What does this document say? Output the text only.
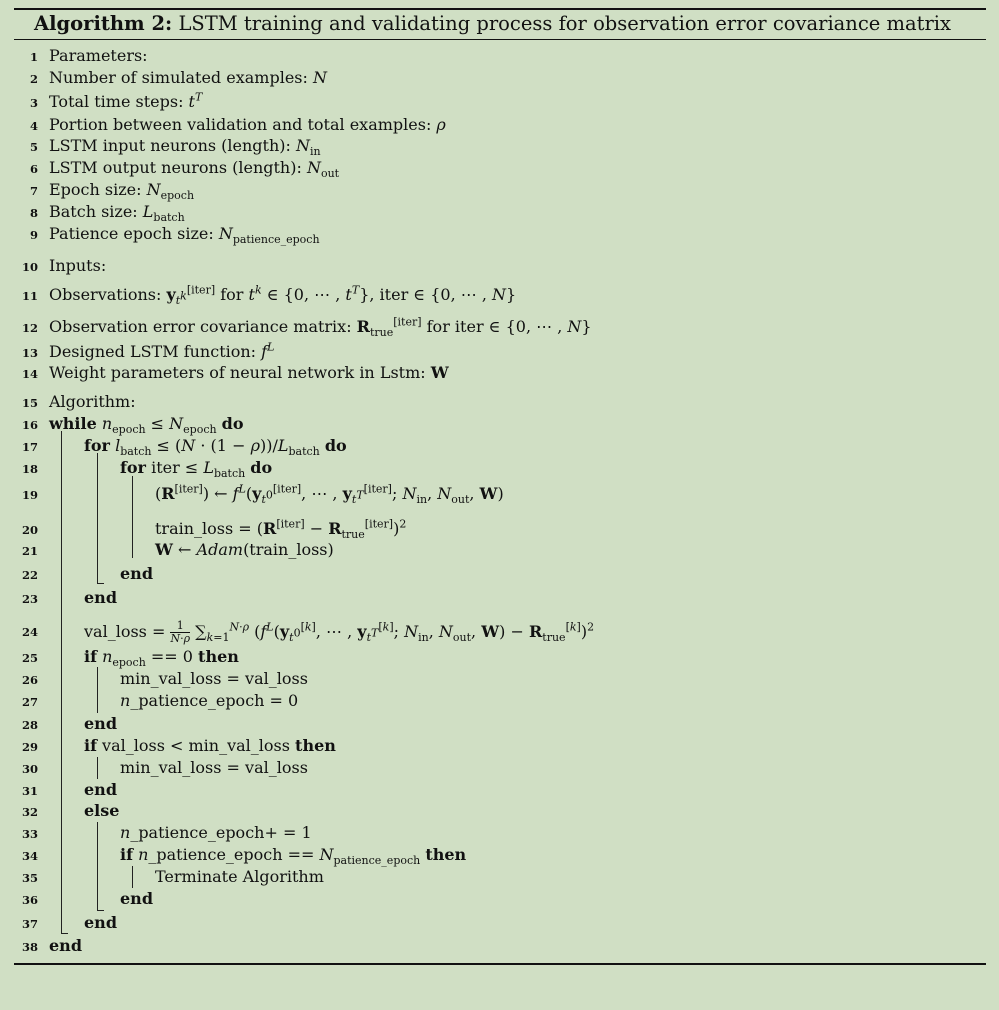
Algorithm 2: LSTM training and validating process for observation error covariance matrix
1 Parameters:
2 Number of simulated examples: N
3 Total time steps: $t^T$
4 Portion between validation and total examples: ρ
5 LSTM input neurons (length): $N_{in}$
6 LSTM output neurons (length): $N_{out}$
7 Epoch size: $N_{epoch}$
8 Batch size: $L_{batch}$
9 Patience epoch size: $N_{patience\_epoch}$
10 Inputs:
11 Observations: $y_{t^k}[iter]$ for $t^k$ ∈ {0, ⋯ , $t^T$}, iter ∈ {0, ⋯ , N}
12 Observation error covariance matrix: $R_{true}[iter]$ for iter ∈ {0, ⋯ , N}
13 Designed LSTM function: $f^L$
14 Weight parameters of neural network in Lstm: W
15 Algorithm:
16 while $n_{epoch} \le N_{epoch}$ do
17	for $l_{batch} \le (N \cdot (1 - \rho))/L_{batch}$ do
18	for iter ≤ $L_{batch}$ do
19	(R[iter]) ← $f^L(y_{t^0}[iter]$, ⋯ , $y_{t^T}[iter]$; $N_{in}$, $N_{out}$, W)
20	train_loss = $(R[iter] - R_{true}[iter])^2$
21	W ← Adam(train_loss)
22	end
23	end
24	val_loss = $\frac{1}{N\cdot\rho} \sum_{k=1}^{N\cdot\rho}$ ($f^L(y_{t^0}[k]$, ⋯ , $y_{t^T}[k]$; $N_{in}$, $N_{out}$, $W) - R_{true}[k])^2$
25	if $n_{epoch} == 0$ then
26	min_val_loss = val_loss
27	n_patience_epoch = 0
28	end
29	if val_loss < min_val_loss then
30	min_val_loss = val_loss
31	end
32	else
33	n_patience_epoch+ = 1
34	if n_patience_epoch == $N_{patience\_epoch}$ then
35	Terminate Algorithm
36	end
37	end
38 end
